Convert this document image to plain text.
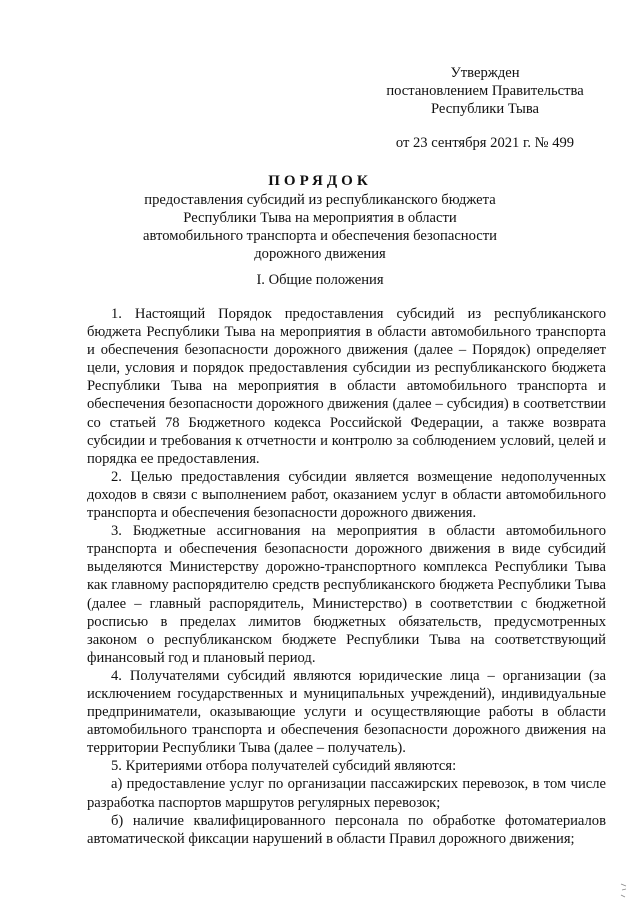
Утвержден
постановлением Правительства
Республики Тыва
от 23 сентября 2021 г. № 499
ПОРЯДОК
предоставления субсидий из республиканского бюджета Республики Тыва на мероприятия в области автомобильного транспорта и обеспечения безопасности дорожного движения
I. Общие положения

1. Настоящий Порядок предоставления субсидий из республиканского бюджета Республики Тыва на мероприятия в области автомобильного транспорта и обеспечения безопасности дорожного движения (далее – Порядок) определяет цели, условия и порядок предоставления субсидии из республиканского бюджета Республики Тыва на мероприятия в области автомобильного транспорта и обеспечения безопасности дорожного движения (далее – субсидия) в соответствии со статьей 78 Бюджетного кодекса Российской Федерации, а также возврата субсидии и требования к отчетности и контролю за соблюдением условий, целей и порядка ее предоставления.

2. Целью предоставления субсидии является возмещение недополученных доходов в связи с выполнением работ, оказанием услуг в области автомобильного транспорта и обеспечения безопасности дорожного движения.

3. Бюджетные ассигнования на мероприятия в области автомобильного транспорта и обеспечения безопасности дорожного движения в виде субсидий выделяются Министерству дорожно-транспортного комплекса Республики Тыва как главному распорядителю средств республиканского бюджета Республики Тыва (далее – главный распорядитель, Министерство) в соответствии с бюджетной росписью в пределах лимитов бюджетных обязательств, предусмотренных законом о республиканском бюджете Республики Тыва на соответствующий финансовый год и плановый период.

4. Получателями субсидий являются юридические лица – организации (за исключением государственных и муниципальных учреждений), индивидуальные предприниматели, оказывающие услуги и осуществляющие работы в области автомобильного транспорта и обеспечения безопасности дорожного движения на территории Республики Тыва (далее – получатель).

5. Критериями отбора получателей субсидий являются:

а) предоставление услуг по организации пассажирских перевозок, в том числе разработка паспортов маршрутов регулярных перевозок;

б) наличие квалифицированного персонала по обработке фотоматериалов автоматической фиксации нарушений в области Правил дорожного движения;
